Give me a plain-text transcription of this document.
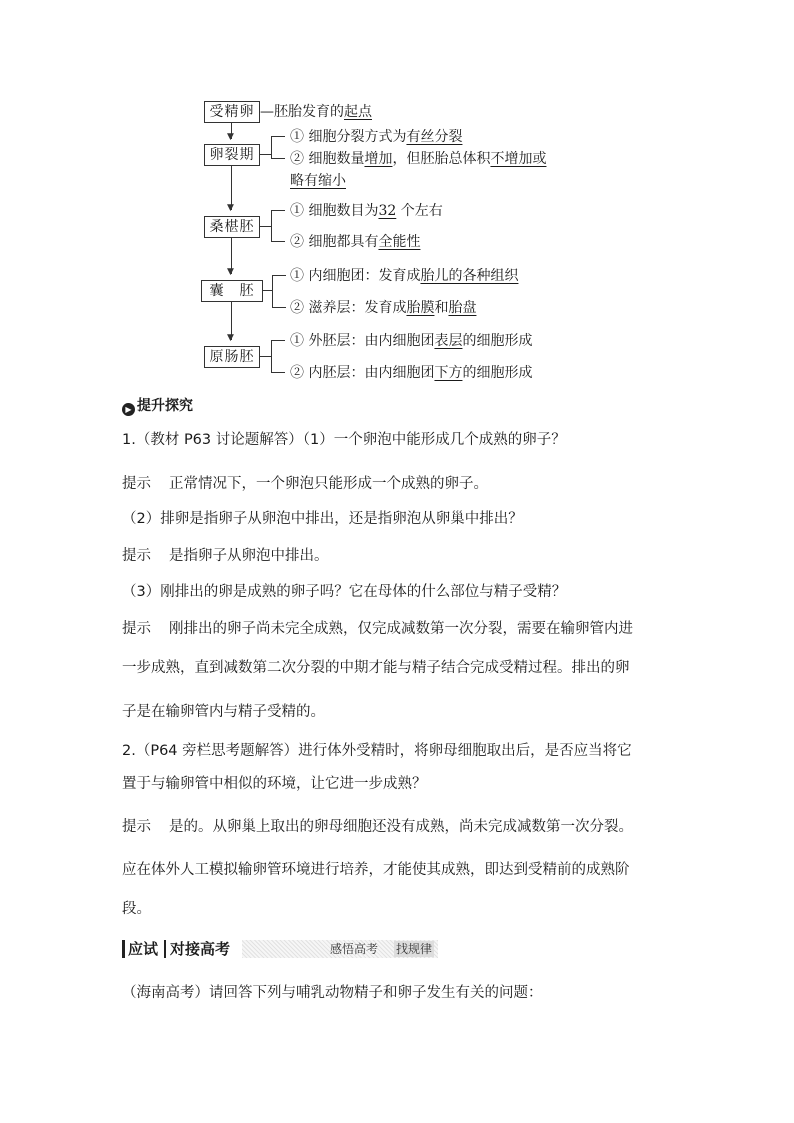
受精卵
卵裂期
桑椹胚
囊　胚
原肠胚
▼
▼
▼
▼
—胚胎发育的起点
① 细胞分裂方式为有丝分裂
② 细胞数量增加，但胚胎总体积不增加或
略有缩小
① 细胞数目为32 个左右
② 细胞都具有全能性
① 内细胞团：发育成胎儿的各种组织
② 滋养层：发育成胎膜和胎盘
① 外胚层：由内细胞团表层的细胞形成
② 内胚层：由内细胞团下方的细胞形成
▶ 提升探究
1.（教材 P63 讨论题解答）（1）一个卵泡中能形成几个成熟的卵子？
提示 正常情况下，一个卵泡只能形成一个成熟的卵子。
（2）排卵是指卵子从卵泡中排出，还是指卵泡从卵巢中排出？
提示 是指卵子从卵泡中排出。
（3）刚排出的卵是成熟的卵子吗？它在母体的什么部位与精子受精？
提示 刚排出的卵子尚未完全成熟，仅完成减数第一次分裂，需要在输卵管内进
一步成熟，直到减数第二次分裂的中期才能与精子结合完成受精过程。排出的卵
子是在输卵管内与精子受精的。
2.（P64 旁栏思考题解答）进行体外受精时，将卵母细胞取出后，是否应当将它
置于与输卵管中相似的环境，让它进一步成熟？
提示 是的。从卵巢上取出的卵母细胞还没有成熟，尚未完成减数第一次分裂。
应在体外人工模拟输卵管环境进行培养，才能使其成熟，即达到受精前的成熟阶
段。
应试 对接高考	感悟高考 找规律
（海南高考）请回答下列与哺乳动物精子和卵子发生有关的问题：
